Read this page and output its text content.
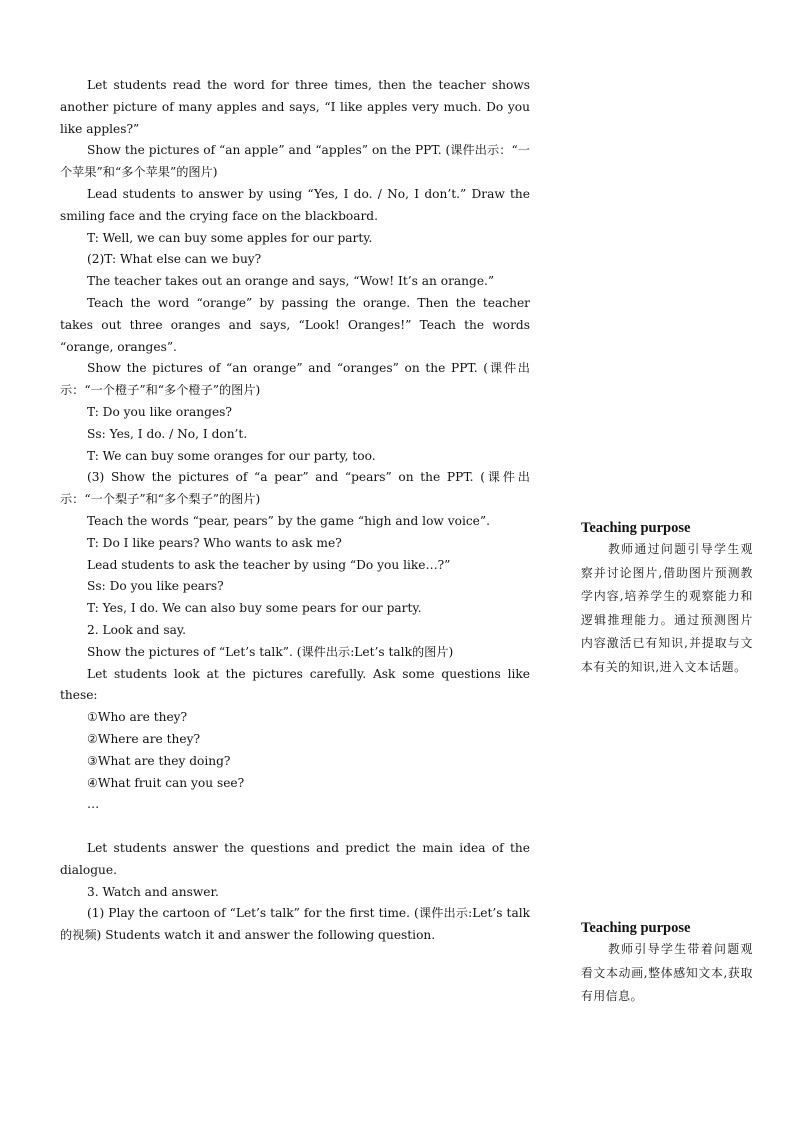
Let students read the word for three times, then the teacher shows another picture of many apples and says, “I like apples very much. Do you like apples?”

Show the pictures of “an apple” and “apples” on the PPT. (课件出示：“一个苹果”和“多个苹果”的图片)

Lead students to answer by using “Yes, I do. / No, I don’t.” Draw the smiling face and the crying face on the blackboard.

T: Well, we can buy some apples for our party.

(2)T: What else can we buy?

The teacher takes out an orange and says, “Wow! It’s an orange.”

Teach the word “orange” by passing the orange. Then the teacher takes out three oranges and says, “Look! Oranges!” Teach the words “orange, oranges”.

Show the pictures of “an orange” and “oranges” on the PPT. (课件出示：“一个橙子”和“多个橙子”的图片)

T: Do you like oranges?

Ss: Yes, I do. / No, I don’t.

T: We can buy some oranges for our party, too.

(3) Show the pictures of “a pear” and “pears” on the PPT. (课件出示：“一个梨子”和“多个梨子”的图片)

Teach the words “pear, pears” by the game “high and low voice”.

T: Do I like pears? Who wants to ask me?

Lead students to ask the teacher by using “Do you like…?”

Ss: Do you like pears?

T: Yes, I do. We can also buy some pears for our party.

2. Look and say.

Show the pictures of “Let’s talk”. (课件出示:Let’s talk的图片)

Let students look at the pictures carefully. Ask some questions like these:

①Who are they?

②Where are they?

③What are they doing?

④What fruit can you see?

…

Let students answer the questions and predict the main idea of the dialogue.

3. Watch and answer.

(1) Play the cartoon of “Let’s talk” for the first time. (课件出示:Let’s talk的视频) Students watch it and answer the following question.

Teaching purpose

教师通过问题引导学生观察并讨论图片,借助图片预测教学内容,培养学生的观察能力和逻辑推理能力。通过预测图片内容激活已有知识,并提取与文本有关的知识,进入文本话题。

Teaching purpose

教师引导学生带着问题观看文本动画,整体感知文本,获取有用信息。
